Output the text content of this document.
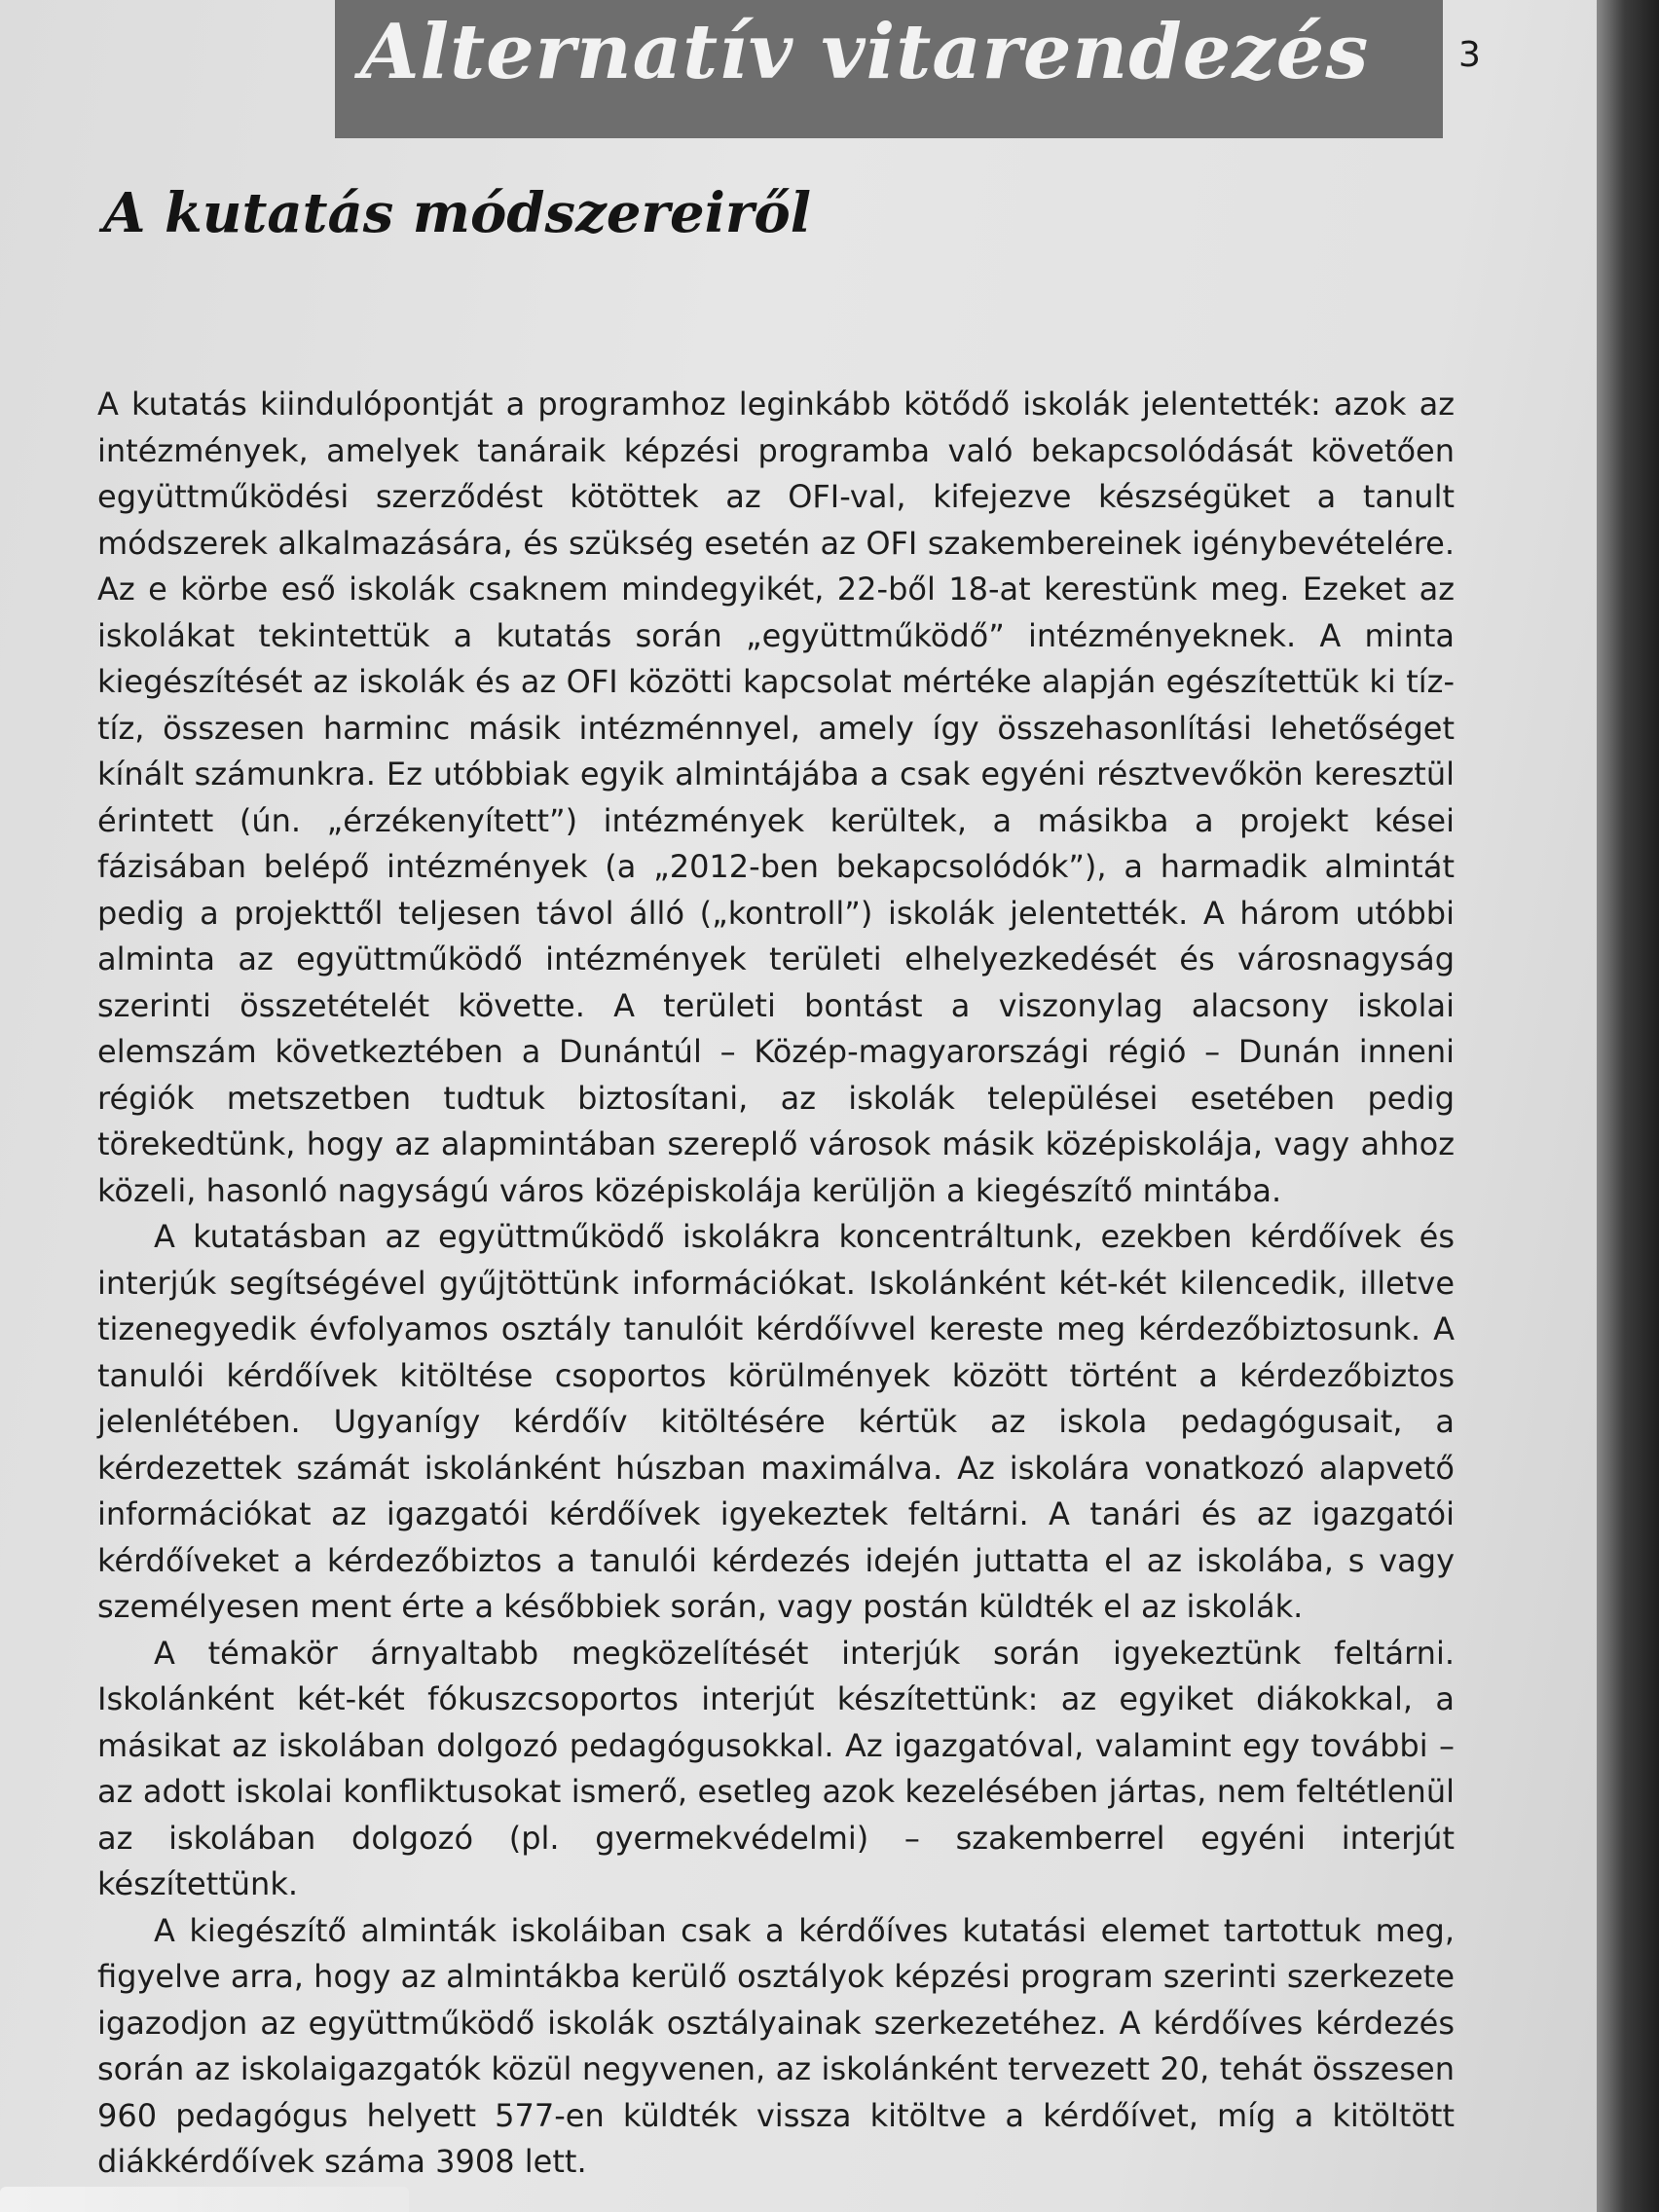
Alternatív vitarendezés	3
A kutatás módszereiről

A kutatás kiindulópontját a programhoz leginkább kötődő iskolák jelentették: azok az intézmények, amelyek tanáraik képzési programba való bekapcsolódását követően együttműködési szerződést kötöttek az OFI-val, kifejezve készségüket a tanult módszerek alkalmazására, és szükség esetén az OFI szakembereinek igénybevételére. Az e körbe eső iskolák csaknem mindegyikét, 22-ből 18-at kerestünk meg. Ezeket az iskolákat tekintettük a kutatás során „együttműködő” intézményeknek. A minta kiegészítését az iskolák és az OFI közötti kapcsolat mértéke alapján egészítettük ki tíz-tíz, összesen harminc másik intézménnyel, amely így összehasonlítási lehetőséget kínált számunkra. Ez utóbbiak egyik almintájába a csak egyéni résztvevőkön keresztül érintett (ún. „érzékenyített”) intézmények kerültek, a másikba a projekt kései fázisában belépő intézmények (a „2012-ben bekapcsolódók”), a harmadik almintát pedig a projekttől teljesen távol álló („kontroll”) iskolák jelentették. A három utóbbi alminta az együttműködő intézmények területi elhelyezkedését és városnagyság szerinti összetételét követte. A területi bontást a viszonylag alacsony iskolai elemszám következtében a Dunántúl – Közép-magyarországi régió – Dunán inneni régiók metszetben tudtuk biztosítani, az iskolák települései esetében pedig törekedtünk, hogy az alapmintában szereplő városok másik középiskolája, vagy ahhoz közeli, hasonló nagyságú város középiskolája kerüljön a kiegészítő mintába.

A kutatásban az együttműködő iskolákra koncentráltunk, ezekben kérdőívek és interjúk segítségével gyűjtöttünk információkat. Iskolánként két-két kilencedik, illetve tizenegyedik évfolyamos osztály tanulóit kérdőívvel kereste meg kérdezőbiztosunk. A tanulói kérdőívek kitöltése csoportos körülmények között történt a kérdezőbiztos jelenlétében. Ugyanígy kérdőív kitöltésére kértük az iskola pedagógusait, a kérdezettek számát iskolánként húszban maximálva. Az iskolára vonatkozó alapvető információkat az igazgatói kérdőívek igyekeztek feltárni. A tanári és az igazgatói kérdőíveket a kérdezőbiztos a tanulói kérdezés idején juttatta el az iskolába, s vagy személyesen ment érte a későbbiek során, vagy postán küldték el az iskolák.

A témakör árnyaltabb megközelítését interjúk során igyekeztünk feltárni. Iskolánként két-két fókuszcsoportos interjút készítettünk: az egyiket diákokkal, a másikat az iskolában dolgozó pedagógusokkal. Az igazgatóval, valamint egy további – az adott iskolai konfliktusokat ismerő, esetleg azok kezelésében jártas, nem feltétlenül az iskolában dolgozó (pl. gyermekvédelmi) – szakemberrel egyéni interjút készítettünk.

A kiegészítő alminták iskoláiban csak a kérdőíves kutatási elemet tartottuk meg, figyelve arra, hogy az almintákba kerülő osztályok képzési program szerinti szerkezete igazodjon az együttműködő iskolák osztályainak szerkezetéhez. A kérdőíves kérdezés során az iskolaigazgatók közül negyvenen, az iskolánként tervezett 20, tehát összesen 960 pedagógus helyett 577-en küldték vissza kitöltve a kérdőívet, míg a kitöltött diákkérdőívek száma 3908 lett.
